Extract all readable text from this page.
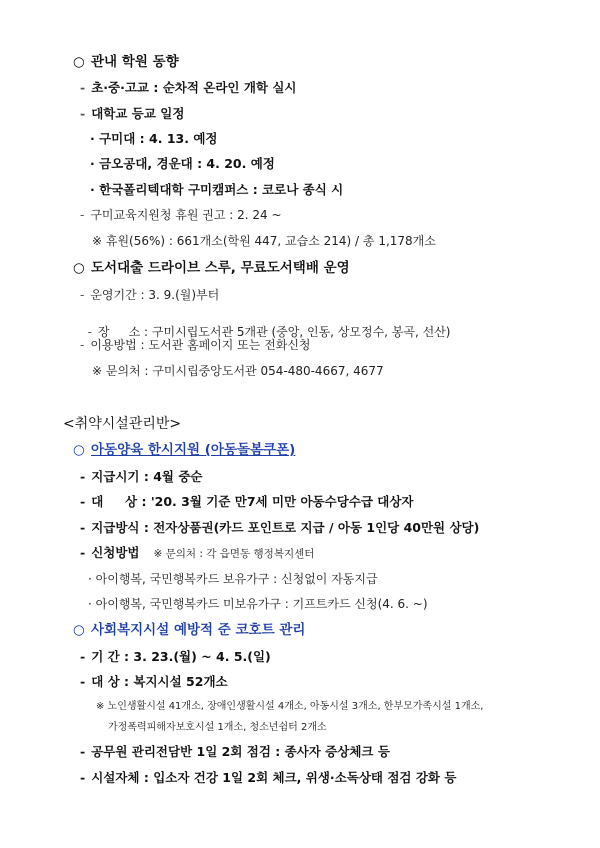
○ 관내 학원 동향
- 초·중·고교 : 순차적 온라인 개학 실시
- 대학교 등교 일정
· 구미대 : 4. 13. 예정
· 금오공대, 경운대 : 4. 20. 예정
· 한국폴리텍대학 구미캠퍼스 : 코로나 종식 시
- 구미교육지원청 휴원 권고 : 2. 24 ~
※ 휴원(56%) : 661개소(학원 447, 교습소 214) / 총 1,178개소
○ 도서대출 드라이브 스루, 무료도서택배 운영
- 운영기간 : 3. 9.(월)부터

- 장     소 : 구미시립도서관 5개관 (중앙, 인동, 상모정수, 봉곡, 선산)

- 이용방법 : 도서관 홈페이지 또는 전화신청
※ 문의처 : 구미시립중앙도서관 054-480-4667, 4677
<취약시설관리반>
○ 아동양육 한시지원 (아동돌봄쿠폰)
- 지급시기 : 4월 중순
- 대     상 : '20. 3월 기준 만7세 미만 아동수당수급 대상자
- 지급방식 : 전자상품권(카드 포인트로 지급 / 아동 1인당 40만원 상당)
- 신청방법 ※ 문의처 : 각 읍면동 행정복지센터
· 아이행복, 국민행복카드 보유가구 : 신청없이 자동지급
· 아이행복, 국민행복카드 미보유가구 : 기프트카드 신청(4. 6. ~)
○ 사회복지시설 예방적 준 코호트 관리
- 기 간 : 3. 23.(월) ~ 4. 5.(일)
- 대 상 : 복지시설 52개소
※ 노인생활시설 41개소, 장애인생활시설 4개소, 아동시설 3개소, 한부모가족시설 1개소,
가정폭력피해자보호시설 1개소, 청소년쉼터 2개소
- 공무원 관리전담반 1일 2회 점검 : 종사자 증상체크 등
- 시설자체 : 입소자 건강 1일 2회 체크, 위생·소독상태 점검 강화 등
